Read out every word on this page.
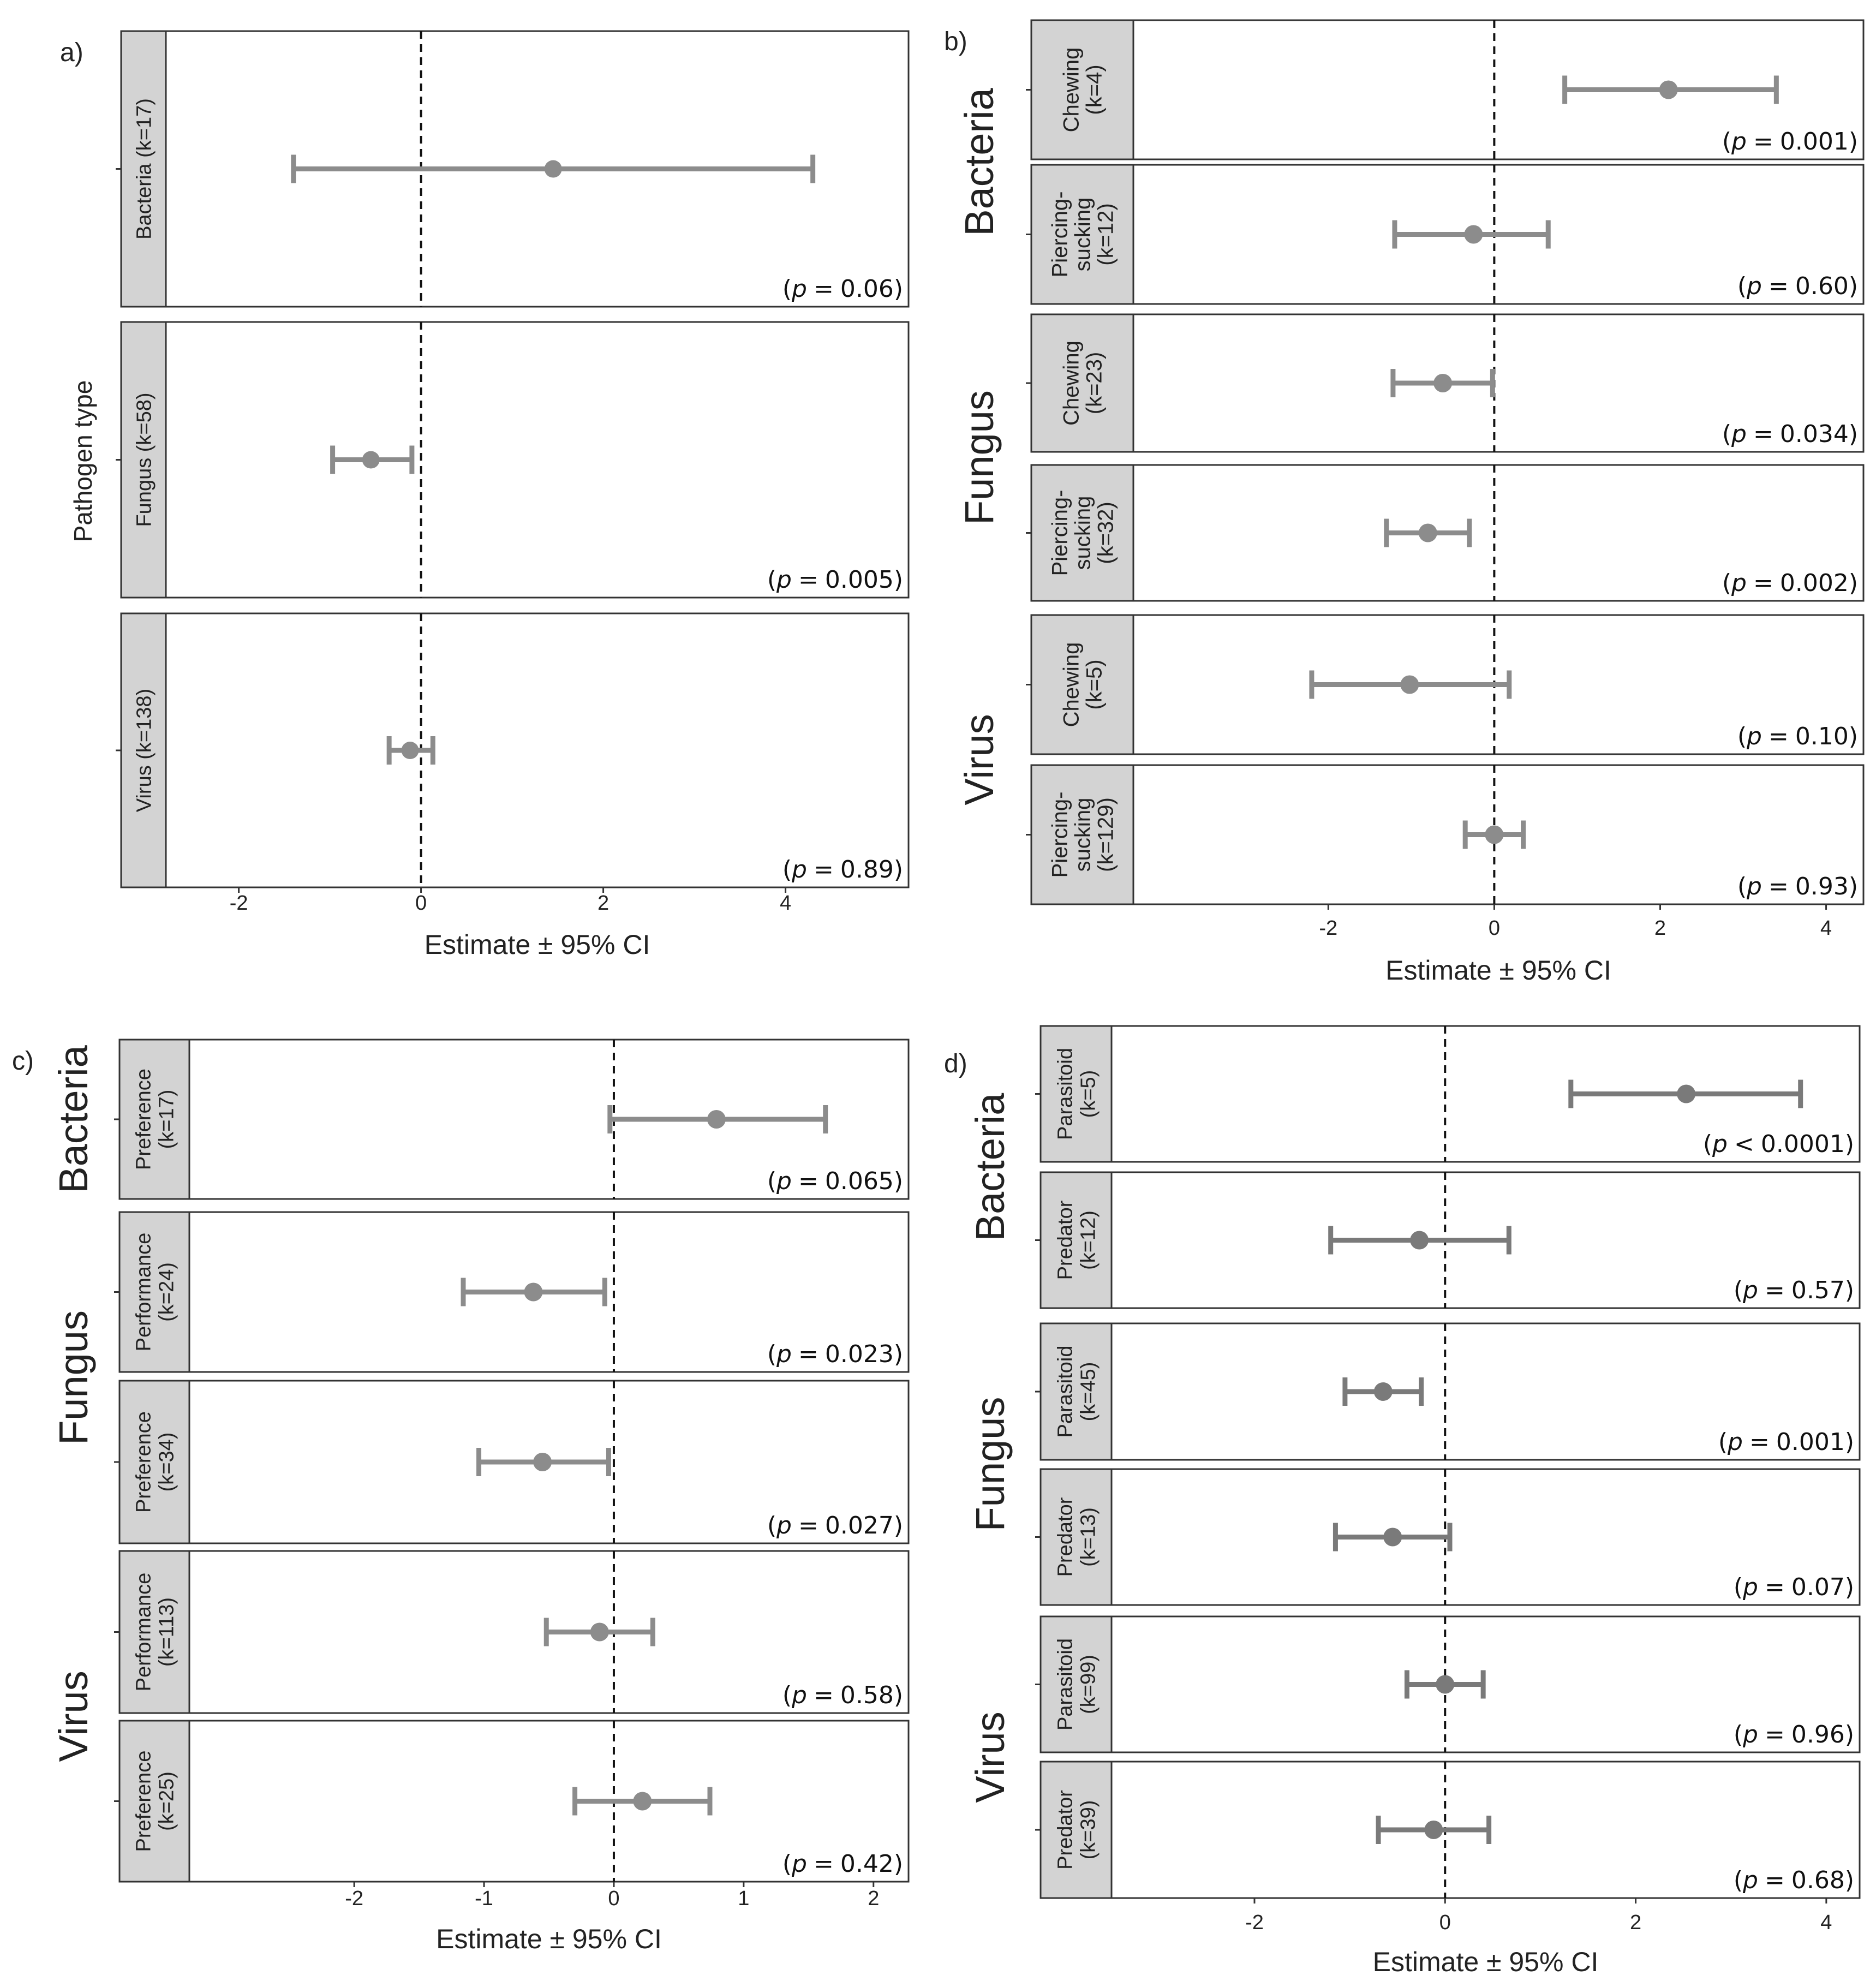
a)
Bacteria (k=17)
(p = 0.06)
Fungus (k=58)
(p = 0.005)
Virus (k=138)
(p = 0.89)
-2	0	2	4
Estimate ± 95% CI
Pathogen type
b)
Chewing(k=4)
(p = 0.001)
Piercing-sucking(k=12)
(p = 0.60)
Chewing(k=23)
(p = 0.034)
Piercing-sucking(k=32)
(p = 0.002)
Chewing(k=5)
(p = 0.10)
Piercing-sucking(k=129)
(p = 0.93)
-2	0	2	4
Estimate ± 95% CI
Bacteria
Fungus
Virus
c)
Preference(k=17)
(p = 0.065)
Performance(k=24)
(p = 0.023)
Preference(k=34)
(p = 0.027)
Performance(k=113)
(p = 0.58)
Preference(k=25)
(p = 0.42)
-2	-1	0	1	2
Estimate ± 95% CI
Bacteria
Fungus
Virus
d)	Parasitoid(k=5)
(p < 0.0001)
Predator(k=12)
(p = 0.57)
Parasitoid(k=45)
(p = 0.001)
Predator(k=13)
(p = 0.07)
Parasitoid(k=99)
(p = 0.96)
Predator(k=39)
(p = 0.68)
-2	0	2	4
Estimate ± 95% CI
Bacteria
Fungus
Virus
